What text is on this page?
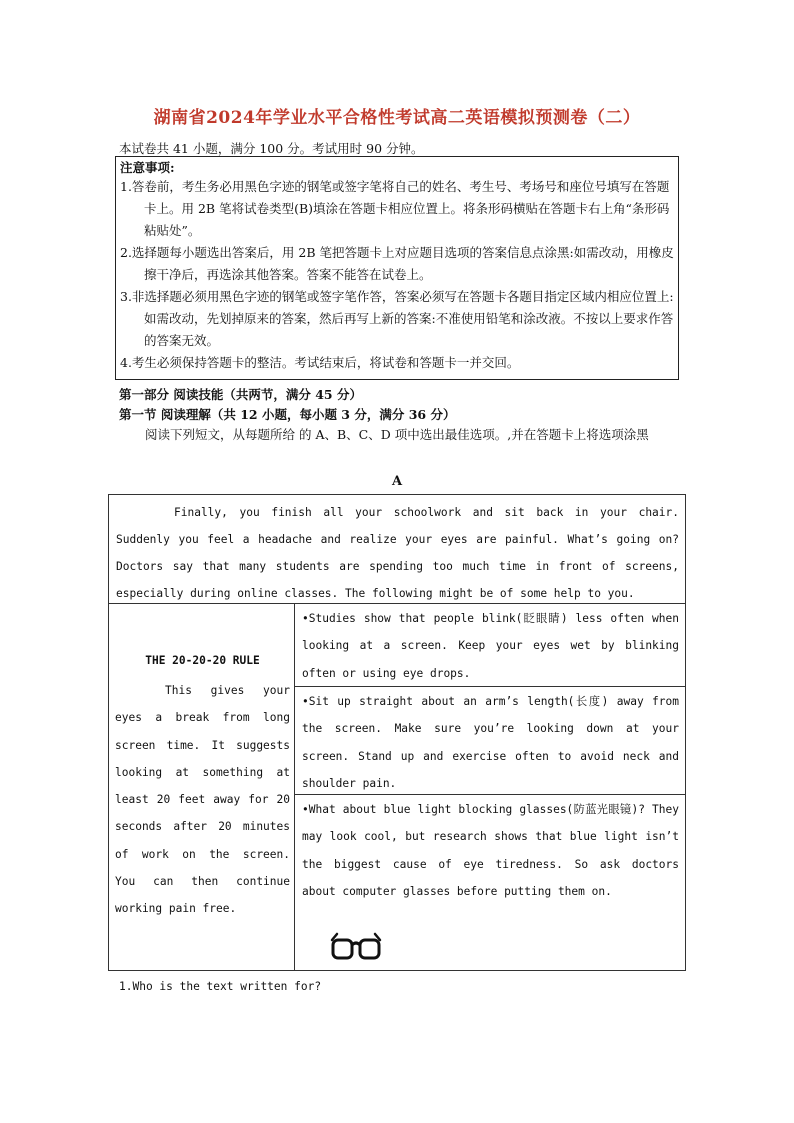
湖南省2024年学业水平合格性考试高二英语模拟预测卷（二）
本试卷共 41 小题，满分 100 分。考试用时 90 分钟。
注意事项:
1.答卷前，考生务必用黑色字迹的钢笔或签字笔将自己的姓名、考生号、考场号和座位号填写在答题卡上。用 2B 笔将试卷类型(B)填涂在答题卡相应位置上。将条形码横贴在答题卡右上角“条形码粘贴处”。
2.选择题每小题选出答案后，用 2B 笔把答题卡上对应题目选项的答案信息点涂黑:如需改动，用橡皮擦干净后，再选涂其他答案。答案不能答在试卷上。
3.非选择题必须用黑色字迹的钢笔或签字笔作答，答案必须写在答题卡各题目指定区域内相应位置上:如需改动，先划掉原来的答案，然后再写上新的答案:不准使用铅笔和涂改液。不按以上要求作答的答案无效。
4.考生必须保持答题卡的整洁。考试结束后，将试卷和答题卡一并交回。
第一部分 阅读技能（共两节，满分 45 分）
第一节 阅读理解（共 12 小题，每小题 3 分，满分 36 分）
阅读下列短文，从每题所给 的 A、B、C、D 项中选出最佳选项。,并在答题卡上将选项涂黑
A
Finally, you finish all your schoolwork and sit back in your chair. Suddenly you feel a headache and realize your eyes are painful. What’s going on? Doctors say that many students are spending too much time in front of screens, especially during online classes. The following might be of some help to you.
THE 20-20-20 RULE
This gives your eyes a break from long screen time. It suggests looking at something at least 20 feet away for 20 seconds after 20 minutes of work on the screen. You can then continue working pain free.
•Studies show that people blink(眨眼睛) less often when looking at a screen. Keep your eyes wet by blinking often or using eye drops.
•Sit up straight about an arm’s length(长度) away from the screen. Make sure you’re looking down at your screen. Stand up and exercise often to avoid neck and shoulder pain.
•What about blue light blocking glasses(防蓝光眼镜)? They may look cool, but research shows that blue light isn’t the biggest cause of eye tiredness. So ask doctors about computer glasses before putting them on.
1.Who is the text written for?
